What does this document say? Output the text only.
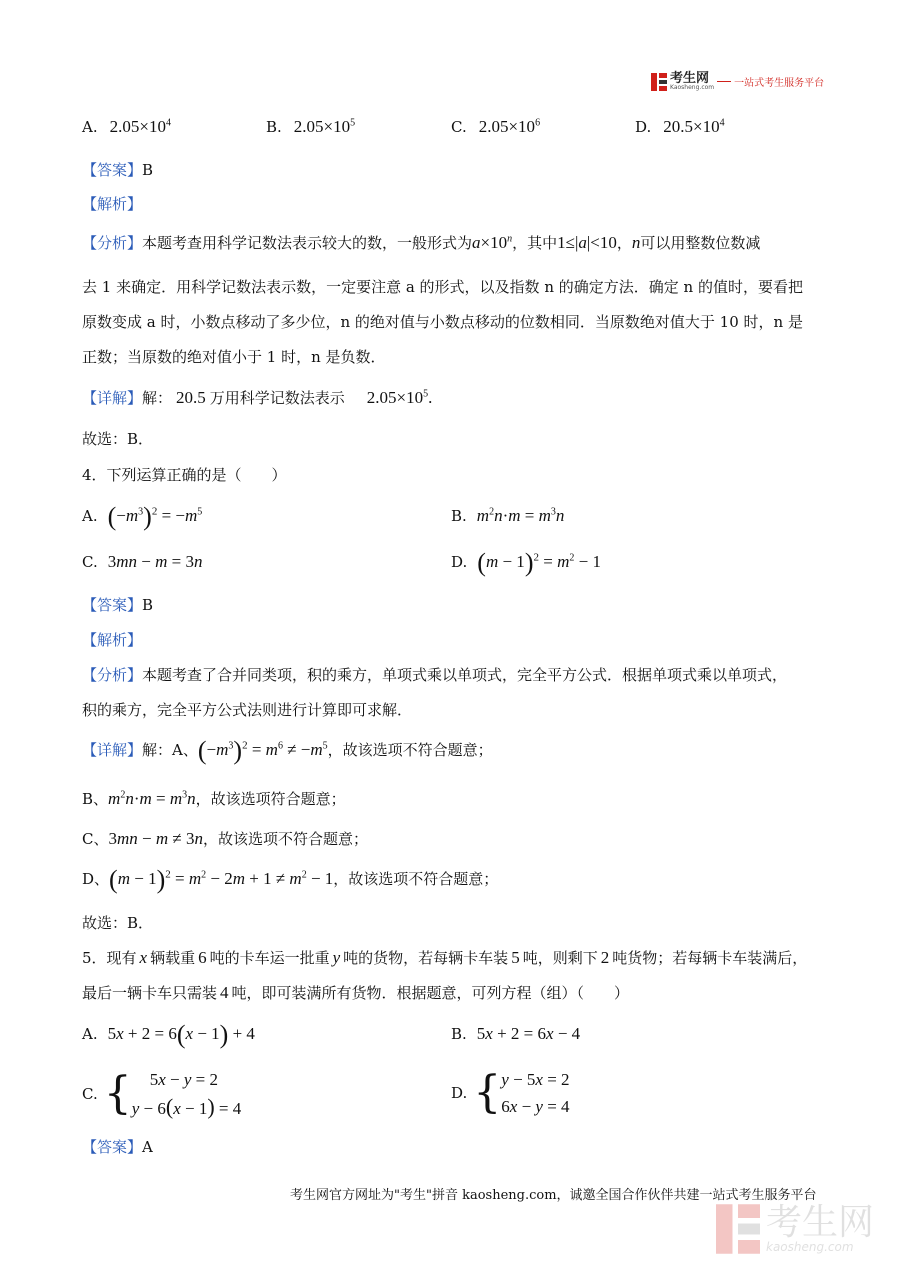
考生网
Kaosheng.com 一站式考生服务平台
A. $2.05\times 10^4$	B. $2.05\times 10^5$	C. $2.05\times 10^6$	D. $20.5\times 10^4$
【答案】B
【解析】
【分析】 本题考查用科学记数法表示较大的数，一般形式为 $a\times 10^n$ ，其中 1≤|a|<10 ， n 可以用整数位数减
去 1 来确定．用科学记数法表示数，一定要注意 a 的形式，以及指数 n 的确定方法．确定 n 的值时，要看把
原数变成 a 时，小数点移动了多少位，n 的绝对值与小数点移动的位数相同．当原数绝对值大于 10 时，n 是
正数；当原数的绝对值小于 1 时，n 是负数．
【详解】 解： 20.5 万用科学记数法表示 $2.05\times 10^5$.
故选：B．
4．下列运算正确的是（　　）
A. $(-m^3)^2 = -m^5$	B. $m^2n\cdot m = m^3n$
C. 3mn − m = 3n	D. $(m - 1)^2 = m^2 - 1$
【答案】B
【解析】
【分析】 本题考查了合并同类项，积的乘方，单项式乘以单项式，完全平方公式．根据单项式乘以单项式，
积的乘方，完全平方公式法则进行计算即可求解．
【详解】 解：A、 $(-m^3)^2 = m^6 \ne -m^5$ ，故该选项不符合题意；
B、 $m^2n\cdot m = m^3n$ ，故该选项符合题意；
C、 3mn − m ≠ 3n ，故该选项不符合题意；
D、 $(m - 1)^2 = m^2 - 2m + 1 \ne m^2 - 1$ ，故该选项不符合题意；
故选：B．
5．现有 x 辆载重 6 吨的卡车运一批重 y 吨的货物，若每辆卡车装 5 吨，则剩下 2 吨货物；若每辆卡车装满后，
最后一辆卡车只需装 4 吨，即可装满所有货物．根据题意，可列方程（组）（　　）
A. 5x + 2 = 6(x − 1) + 4	B. 5x + 2 = 6x − 4
C. {	5x − y = 2
y − 6(x − 1) = 4
D. { y − 5x = 2
6x − y = 4
【答案】A
考生网官方网址为"考生"拼音 kaosheng.com，诚邀全国合作伙伴共建一站式考生服务平台
考生网
kaosheng.com
